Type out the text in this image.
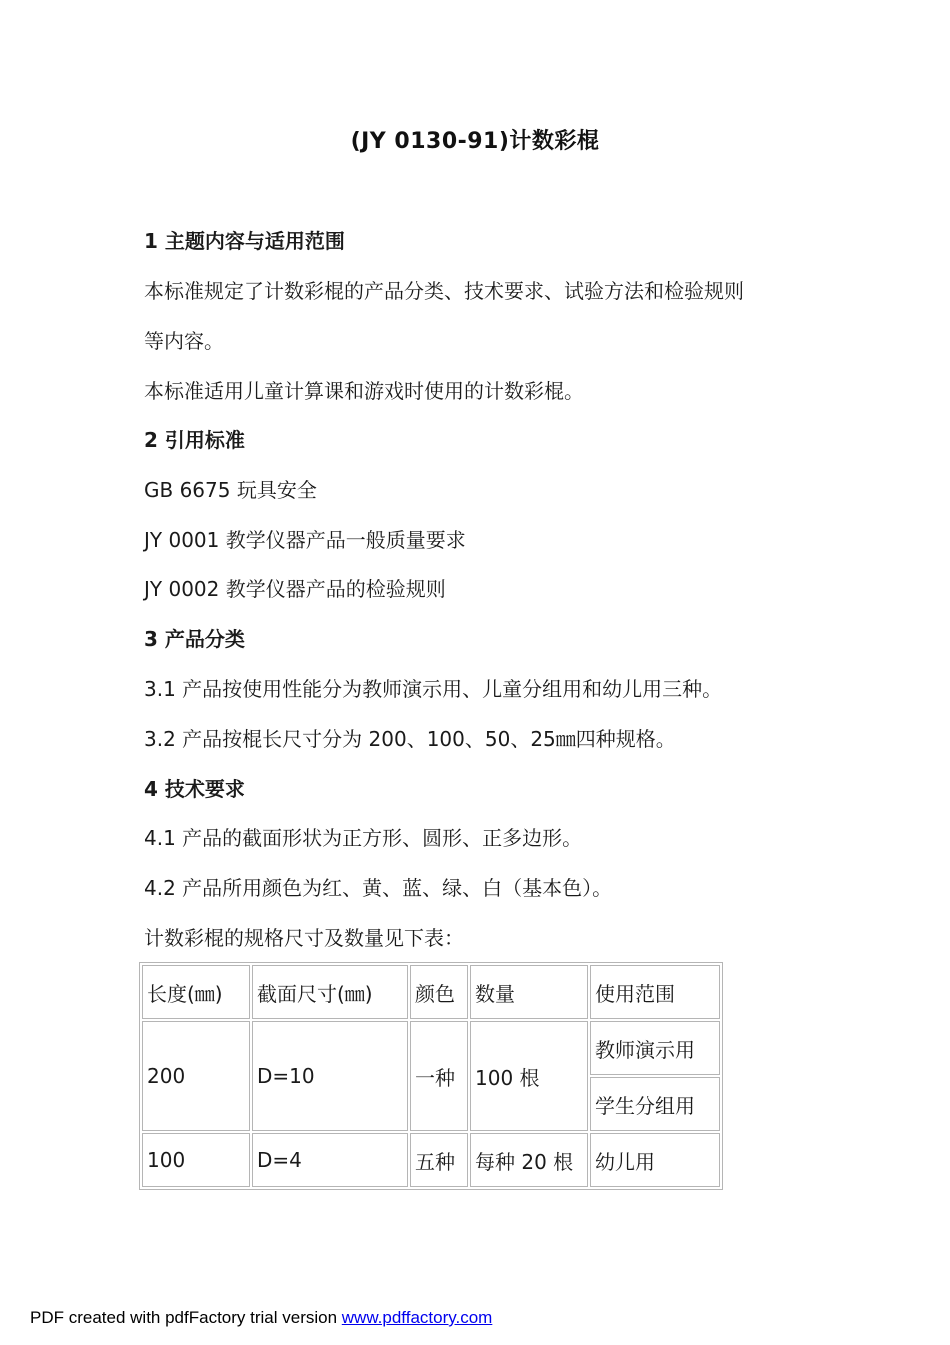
(JY 0130-91)计数彩棍
1 主题内容与适用范围
本标准规定了计数彩棍的产品分类、技术要求、试验方法和检验规则
等内容。
本标准适用儿童计算课和游戏时使用的计数彩棍。
2 引用标准
GB 6675 玩具安全
JY 0001 教学仪器产品一般质量要求
JY 0002 教学仪器产品的检验规则
3 产品分类
3.1 产品按使用性能分为教师演示用、儿童分组用和幼儿用三种。
3.2 产品按棍长尺寸分为 200、100、50、25㎜四种规格。
4 技术要求
4.1 产品的截面形状为正方形、圆形、正多边形。
4.2 产品所用颜色为红、黄、蓝、绿、白（基本色）。
计数彩棍的规格尺寸及数量见下表：
长度(㎜)	截面尺寸(㎜)	颜色	数量	使用范围
200	D=10	一种	100 根	教师演示用
				学生分组用
100	D=4	五种	每种 20 根	幼儿用
PDF created with pdfFactory trial version www.pdffactory.com
